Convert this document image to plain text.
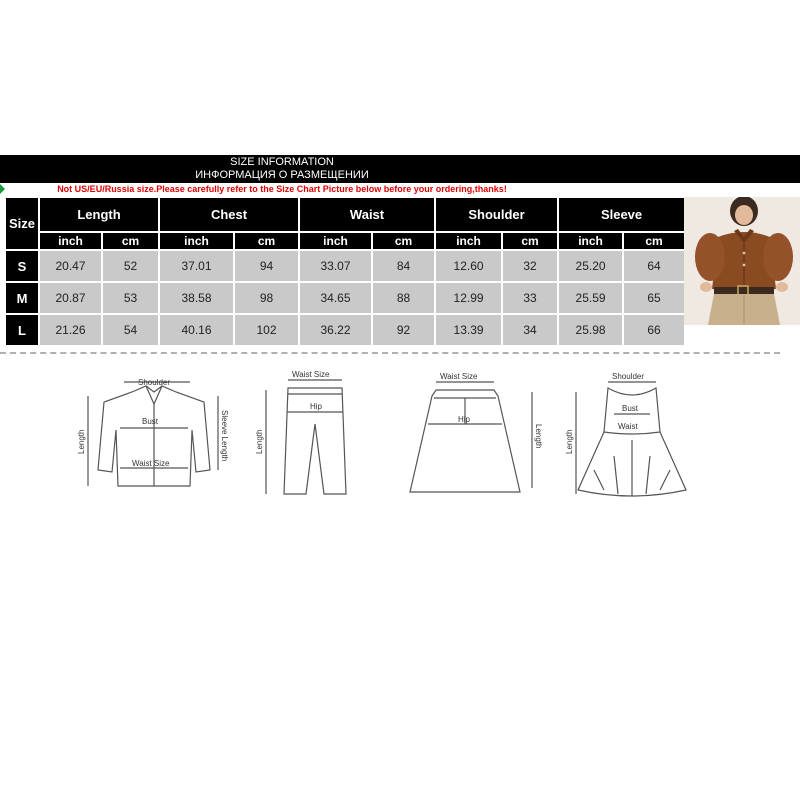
SIZE INFORMATION
ИНФОРМАЦИЯ О РАЗМЕЩЕНИИ
Not US/EU/Russia size.Please carefully refer to the Size Chart Picture below before your ordering,thanks!
Size	Length		Chest		Waist		Shoulder		Sleeve	
	inch	cm	inch	cm	inch	cm	inch	cm	inch	cm
S	20.47	52	37.01	94	33.07	84	12.60	32	25.20	64
M	20.87	53	38.58	98	34.65	88	12.99	33	25.59	65
L	21.26	54	40.16	102	36.22	92	13.39	34	25.98	66
Shoulder
Bust
Waist Size
Length	Sleeve Length
Waist Size
Hip
Length
Waist Size
Hip
Length
Shoulder
Bust
Waist
Length
